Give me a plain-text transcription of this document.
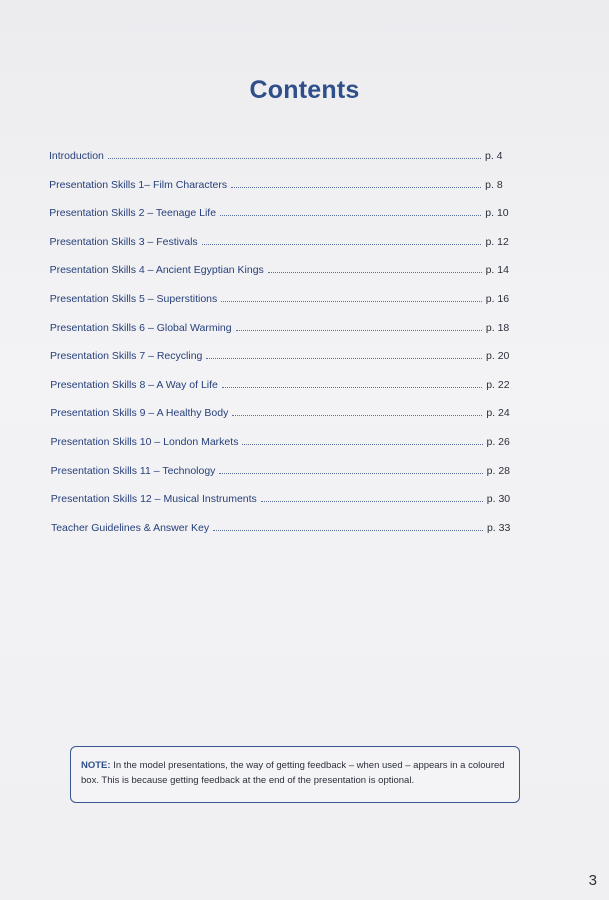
Contents
Introduction	p. 4
Presentation Skills 1– Film Characters	p. 8
Presentation Skills 2 – Teenage Life	p. 10
Presentation Skills 3 – Festivals	p. 12
Presentation Skills 4 – Ancient Egyptian Kings	p. 14
Presentation Skills 5 – Superstitions	p. 16
Presentation Skills 6 – Global Warming	p. 18
Presentation Skills 7 – Recycling	p. 20
Presentation Skills 8 – A Way of Life	p. 22
Presentation Skills 9 – A Healthy Body	p. 24
Presentation Skills 10 – London Markets	p. 26
Presentation Skills 11 – Technology	p. 28
Presentation Skills 12 – Musical Instruments	p. 30
Teacher Guidelines & Answer Key	p. 33
NOTE: In the model presentations, the way of getting feedback – when used – appears in a coloured box. This is because getting feedback at the end of the presentation is optional.
3
